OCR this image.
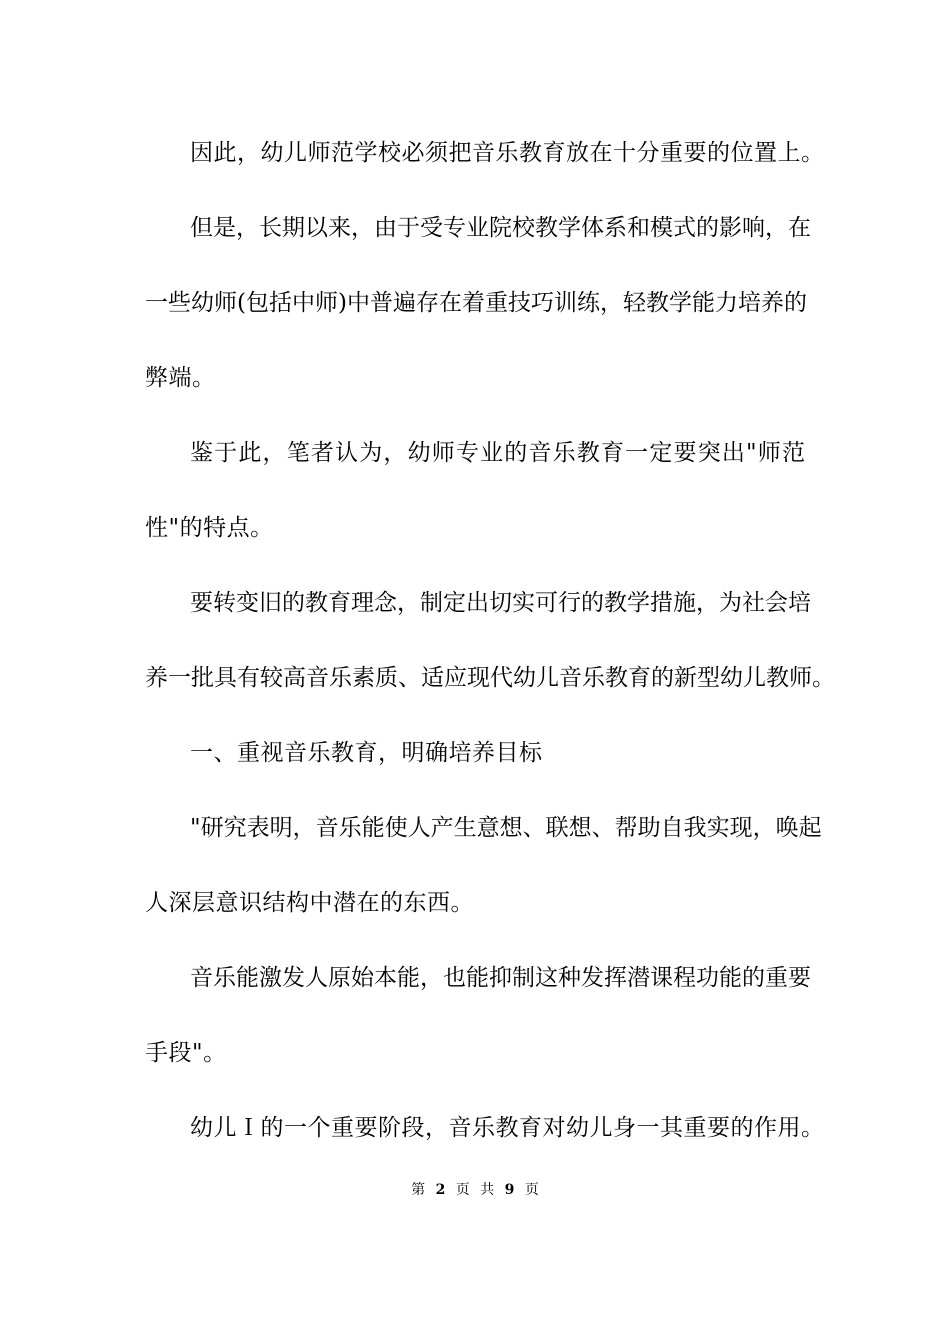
因此，幼儿师范学校必须把音乐教育放在十分重要的位置上。
但是，长期以来，由于受专业院校教学体系和模式的影响，在
一些幼师(包括中师)中普遍存在着重技巧训练，轻教学能力培养的
弊端。
鉴于此，笔者认为，幼师专业的音乐教育一定要突出"师范
性"的特点。
要转变旧的教育理念，制定出切实可行的教学措施，为社会培
养一批具有较高音乐素质、适应现代幼儿音乐教育的新型幼儿教师。
一、重视音乐教育，明确培养目标
"研究表明，音乐能使人产生意想、联想、帮助自我实现，唤起
人深层意识结构中潜在的东西。
音乐能激发人原始本能，也能抑制这种发挥潜课程功能的重要
手段"。
幼儿Ｉ的一个重要阶段，音乐教育对幼儿身一其重要的作用。
第 2 页 共 9 页
